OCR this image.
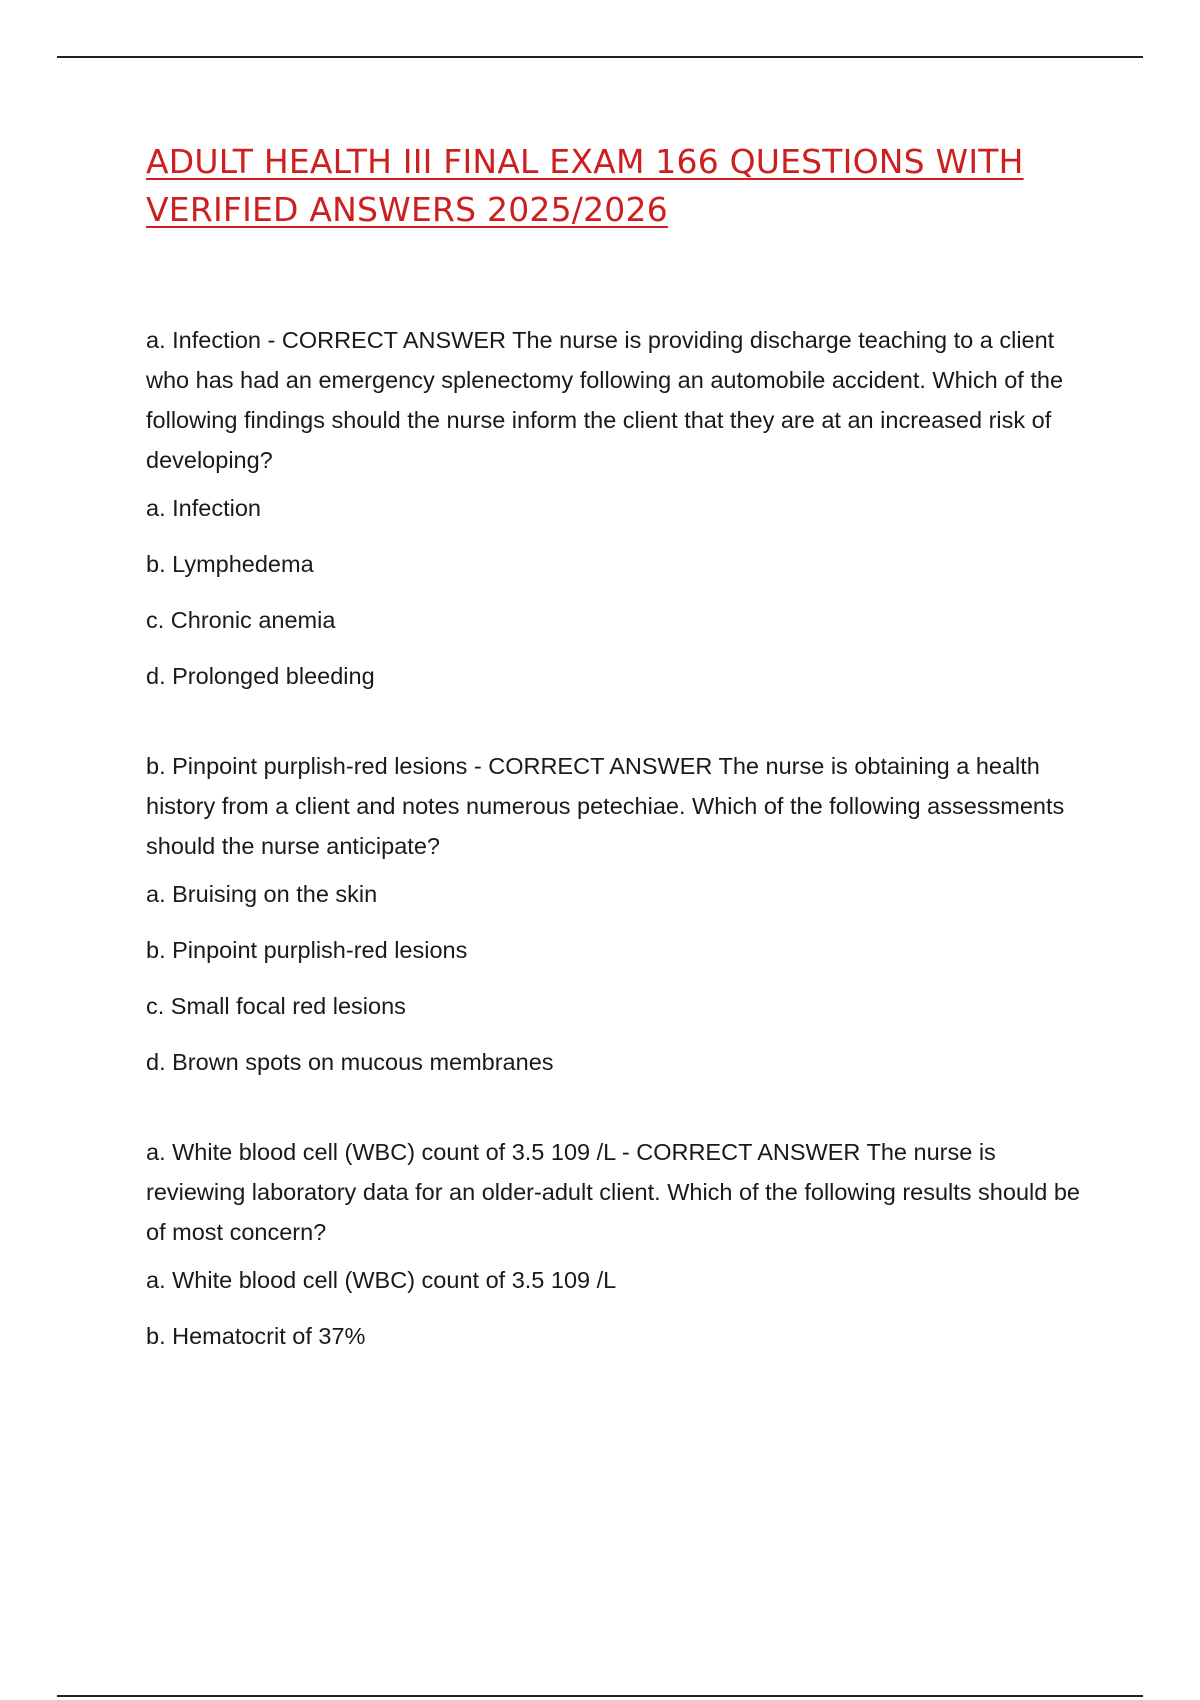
ADULT HEALTH III FINAL EXAM 166 QUESTIONS WITH VERIFIED ANSWERS 2025/2026

a. Infection - CORRECT ANSWER The nurse is providing discharge teaching to a client who has had an emergency splenectomy following an automobile accident. Which of the following findings should the nurse inform the client that they are at an increased risk of developing?

a. Infection
b. Lymphedema
c. Chronic anemia
d. Prolonged bleeding

b. Pinpoint purplish-red lesions - CORRECT ANSWER The nurse is obtaining a health history from a client and notes numerous petechiae. Which of the following assessments should the nurse anticipate?

a. Bruising on the skin
b. Pinpoint purplish-red lesions
c. Small focal red lesions
d. Brown spots on mucous membranes

a. White blood cell (WBC) count of 3.5 109 /L - CORRECT ANSWER The nurse is reviewing laboratory data for an older-adult client. Which of the following results should be of most concern?

a. White blood cell (WBC) count of 3.5 109 /L
b. Hematocrit of 37%
